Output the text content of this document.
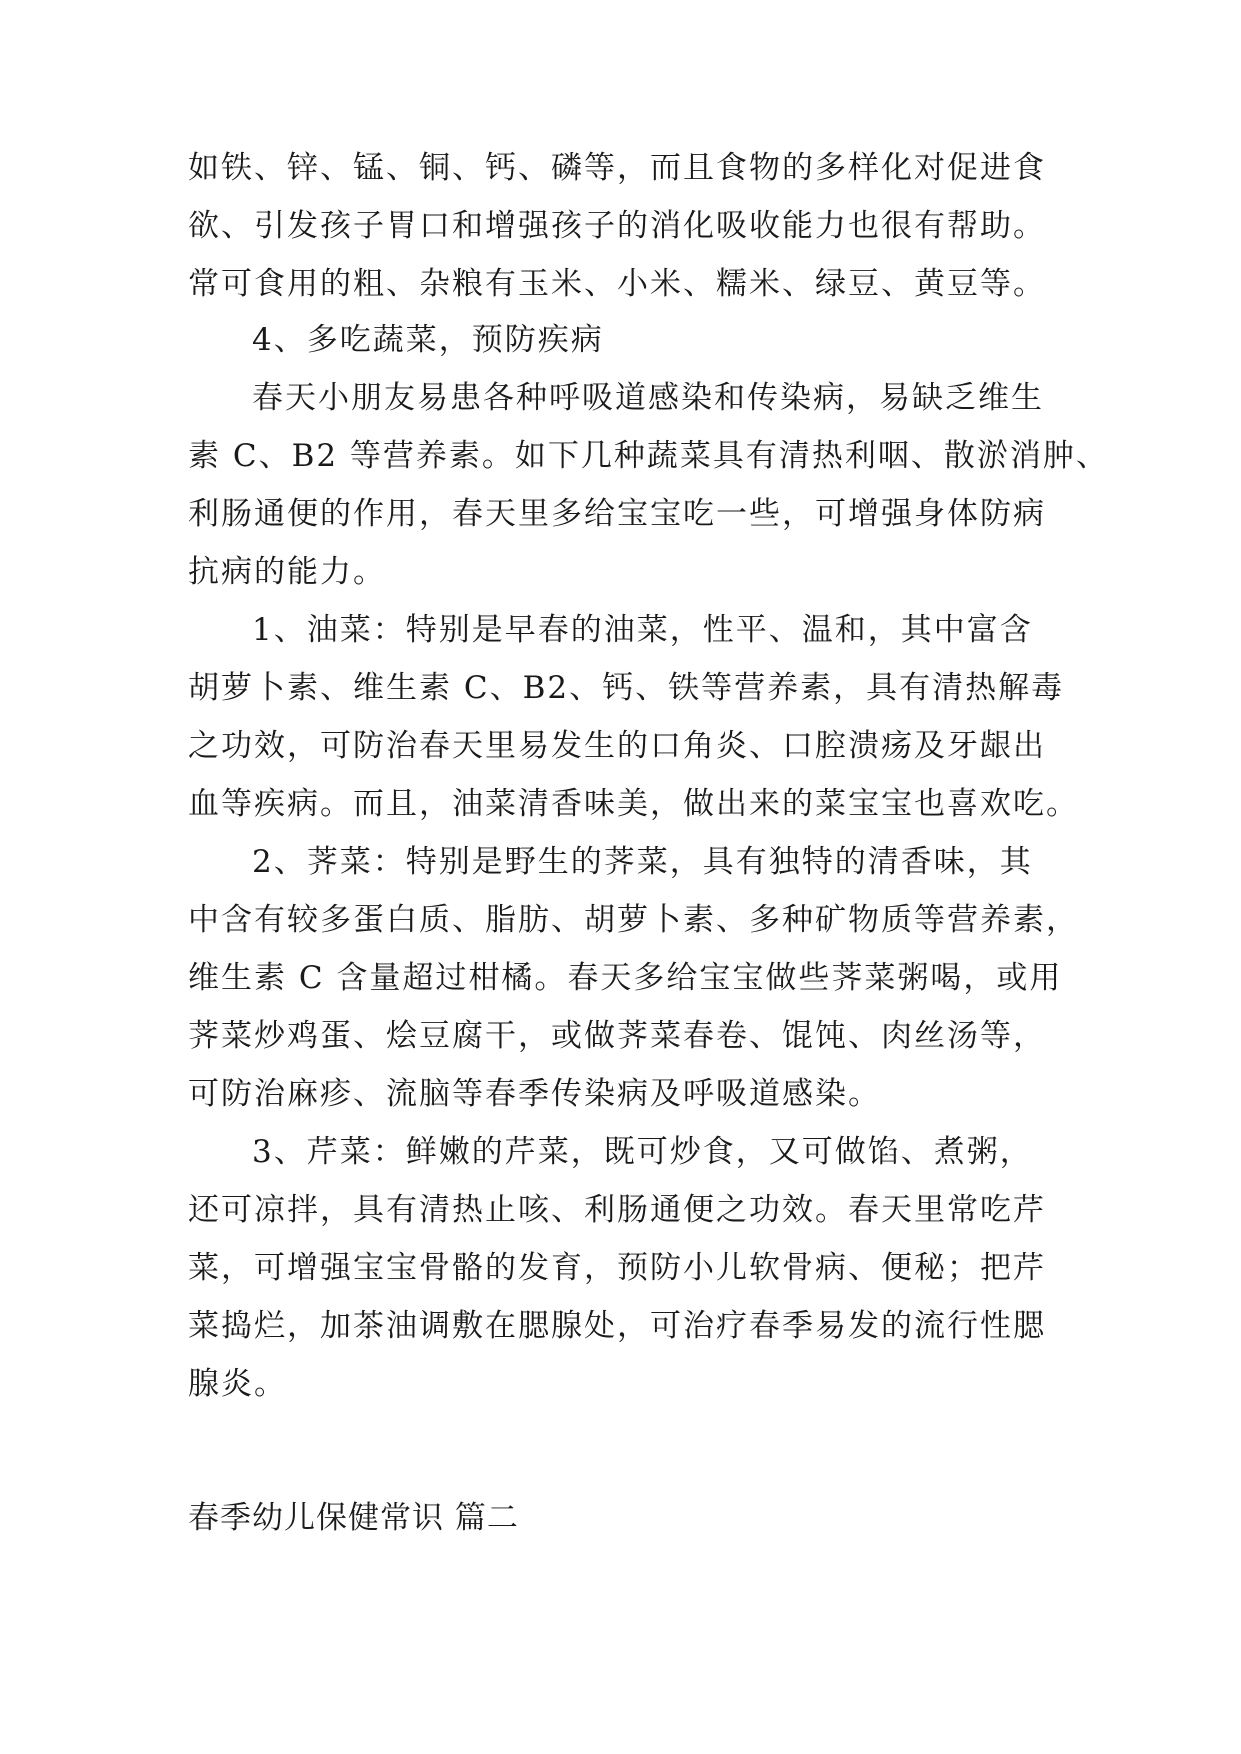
如铁、锌、锰、铜、钙、磷等，而且食物的多样化对促进食
欲、引发孩子胃口和增强孩子的消化吸收能力也很有帮助。
常可食用的粗、杂粮有玉米、小米、糯米、绿豆、黄豆等。
4、多吃蔬菜，预防疾病
春天小朋友易患各种呼吸道感染和传染病，易缺乏维生
素 C、B2 等营养素。如下几种蔬菜具有清热利咽、散淤消肿、
利肠通便的作用，春天里多给宝宝吃一些，可增强身体防病
抗病的能力。
1、油菜：特别是早春的油菜，性平、温和，其中富含
胡萝卜素、维生素 C、B2、钙、铁等营养素，具有清热解毒
之功效，可防治春天里易发生的口角炎、口腔溃疡及牙龈出
血等疾病。而且，油菜清香味美，做出来的菜宝宝也喜欢吃。
2、荠菜：特别是野生的荠菜，具有独特的清香味，其
中含有较多蛋白质、脂肪、胡萝卜素、多种矿物质等营养素，
维生素 C 含量超过柑橘。春天多给宝宝做些荠菜粥喝，或用
荠菜炒鸡蛋、烩豆腐干，或做荠菜春卷、馄饨、肉丝汤等，
可防治麻疹、流脑等春季传染病及呼吸道感染。
3、芹菜：鲜嫩的芹菜，既可炒食，又可做馅、煮粥，
还可凉拌，具有清热止咳、利肠通便之功效。春天里常吃芹
菜，可增强宝宝骨骼的发育，预防小儿软骨病、便秘；把芹
菜捣烂，加茶油调敷在腮腺处，可治疗春季易发的流行性腮
腺炎。
春季幼儿保健常识 篇二
